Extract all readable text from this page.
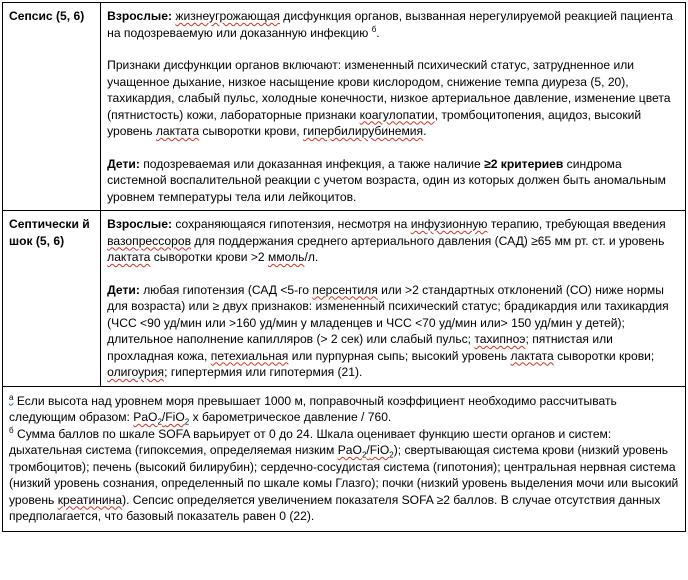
Сепсис (5, 6)	Взрослые: жизнеугрожающая дисфункция органов, вызванная нерегулируемой реакцией пациента на подозреваемую или доказанную инфекцию $^б$.

Признаки дисфункции органов включают: измененный психический статус, затрудненное или учащенное дыхание, низкое насыщение крови кислородом, снижение темпа диуреза (5, 20), тахикардия, слабый пульс, холодные конечности, низкое артериальное давление, изменение цвета (пятнистость) кожи, лабораторные признаки коагулопатии, тромбоцитопения, ацидоз, высокий уровень лактата сыворотки крови, гипербилирубинемия.

Дети: подозреваемая или доказанная инфекция, а также наличие ≥2 критериев синдрома системной воспалительной реакции с учетом возраста, один из которых должен быть аномальным уровнем температуры тела или лейкоцитов.

Септически й шок (5, 6)	Взрослые: сохраняющаяся гипотензия, несмотря на инфузионную терапию, требующая введения вазопрессоров для поддержания среднего артериального давления (САД) ≥65 мм рт. ст. и уровень лактата сыворотки крови >2 ммоль/л.

Дети: любая гипотензия (САД <5-го персентиля или >2 стандартных отклонений (СО) ниже нормы для возраста) или ≥ двух признаков: измененный психический статус; брадикардия или тахикардия (ЧСС <90 уд/мин или >160 уд/мин у младенцев и ЧСС <70 уд/мин или> 150 уд/мин у детей); длительное наполнение капилляров (> 2 сек) или слабый пульс; тахипноэ; пятнистая или прохладная кожа, петехиальная или пурпурная сыпь; высокий уровень лактата сыворотки крови; олигоурия; гипертермия или гипотермия (21).

$^а$ Если высота над уровнем моря превышает 1000 м, поправочный коэффициент необходимо рассчитывать следующим образом: PaO$_2$/FiO$_2$ x барометрическое давление / 760.

$^б$ Сумма баллов по шкале SOFA варьирует от 0 до 24. Шкала оценивает функцию шести органов и систем: дыхательная система (гипоксемия, определяемая низким PaO$_2$/FiO$_2$); свертывающая система крови (низкий уровень тромбоцитов); печень (высокий билирубин); сердечно-сосудистая система (гипотония); центральная нервная система (низкий уровень сознания, определенный по шкале комы Глазго); почки (низкий уровень выделения мочи или высокий уровень креатинина). Сепсис определяется увеличением показателя SOFA ≥2 баллов. В случае отсутствия данных предполагается, что базовый показатель равен 0 (22).	
